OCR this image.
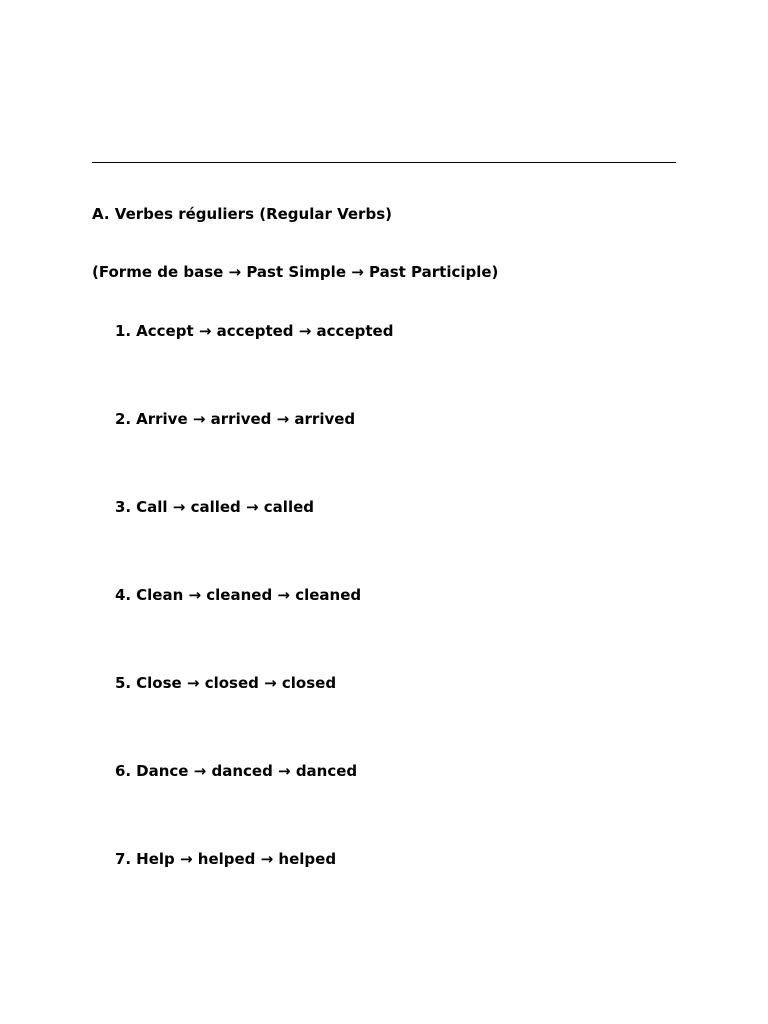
A. Verbes réguliers (Regular Verbs)
(Forme de base → Past Simple → Past Participle)
1. Accept → accepted → accepted
2. Arrive → arrived → arrived
3. Call → called → called
4. Clean → cleaned → cleaned
5. Close → closed → closed
6. Dance → danced → danced
7. Help → helped → helped
